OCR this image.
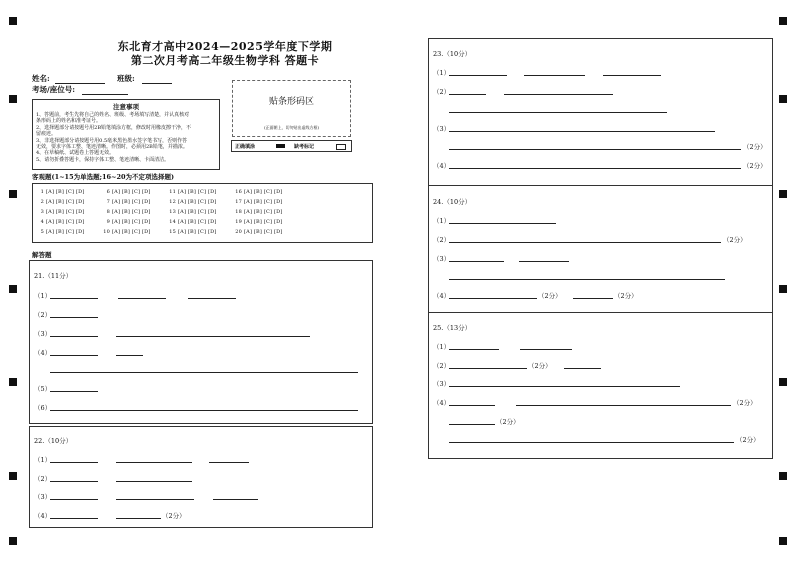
东北育才高中2024—2025学年度下学期
第二次月考高二年级生物学科 答题卡
姓名:	班级:
考场/座位号:
注意事项
1、答题前，考生先将自己的姓名、班级、考场填写清楚，并认真核对
条形码上的姓名和准考证号。
2、选择题部分请按题号用2B铅笔填涂方框，修改时用橡皮擦干净，不
留痕迹。
3、非选择题部分请按题号用0.5毫米黑色墨水签字笔书写，否则作答
无效，要求字体工整、笔迹清晰。作图时，必须用2B铅笔，并描浓。
4、在草稿纸、试题卷上答题无效。
5、请勿折叠答题卡，保持字体工整、笔迹清晰、卡面清洁。
贴条形码区
(正面朝上，切勿贴出虚线方框)
正确填涂	缺考标记
客观题(1~15为单选题;16~20为不定项选择题)
1 [A] [B] [C] [D]
2 [A] [B] [C] [D]
3 [A] [B] [C] [D]
4 [A] [B] [C] [D]
5 [A] [B] [C] [D]
6 [A] [B] [C] [D]
7 [A] [B] [C] [D]
8 [A] [B] [C] [D]
9 [A] [B] [C] [D]
10 [A] [B] [C] [D]
11 [A] [B] [C] [D]
12 [A] [B] [C] [D]
13 [A] [B] [C] [D]
14 [A] [B] [C] [D]
15 [A] [B] [C] [D]
16 [A] [B] [C] [D]
17 [A] [B] [C] [D]
18 [A] [B] [C] [D]
19 [A] [B] [C] [D]
20 [A] [B] [C] [D]
解答题
21.（11分）
（1）
（2）
（3）
（4）
（5）
（6）
22.（10分）
（1）
（2）
（3）
（4）	（2分）
23.（10分）
（1）
（2）
（3）
（2分）
（4）	（2分）
24.（10分）
（1）
（2）	（2分）
（3）
（4）	（2分）	（2分）
25.（13分）
（1）
（2）	（2分）
（3）
（4）	（2分）
（2分）
（2分）
